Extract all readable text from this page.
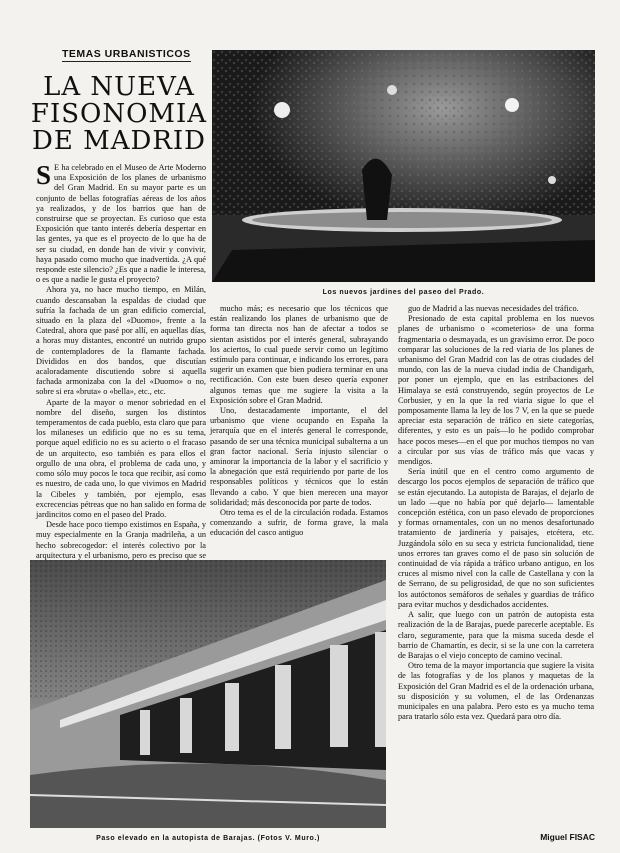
TEMAS URBANISTICOS
LA NUEVA
FISONOMIA
DE MADRID

S E ha celebrado en el Museo de Arte Moderno una Exposición de los planes de urbanismo del Gran Madrid. En su mayor parte es un conjunto de bellas fotografías aéreas de los años ya realizados, y de los barrios que han de construirse que se proyectan. Es curioso que esta Exposición que tanto interés debería despertar en las gentes, ya que es el proyecto de lo que ha de ser su ciudad, en donde han de vivir y convivir, haya pasado como mucho que inadvertida. ¿A qué responde este silencio? ¿Es que a nadie le interesa, o es que a nadie le gusta el proyecto?

Ahora ya, no hace mucho tiempo, en Milán, cuando descansaban la espaldas de ciudad que sufría la fachada de un gran edificio comercial, situado en la plaza del «Duomo», frente a la Catedral, ahora que pasé por allí, en aquellas días, a horas muy distantes, encontré un nutrido grupo de contempladores de la flamante fachada. Divididos en dos bandos, que discutían acaloradamente discutiendo sobre si aquella fachada armonizaba con la del «Duomo» o no, sobre si era «bruta» o «bella», etc., etc.

Aparte de la mayor o menor sobriedad en el nombre del diseño, surgen los distintos temperamentos de cada pueblo, esta claro que para los milaneses un edificio que no es su tema, porque aquel edificio no es su acierto o el fracaso de un arquitecto, eso también es para ellos el orgullo de una obra, el problema de cada uno, y como sólo muy pocos le toca que recibir, así como es nuestro, de cada uno, lo que vivimos en Madrid la Cibeles y también, por ejemplo, esas excrecencias pétreas que no han salido en forma de jardincitos como en el paseo del Prado.

Desde hace poco tiempo existimos en España, y muy especialmente en la Granja madrileña, a un hecho sobrecogedor: el interés colectivo por la arquitectura y el urbanismo, pero es preciso que se

Los nuevos jardines del paseo del Prado.

mucho más; es necesario que los técnicos que están realizando los planes de urbanismo que de forma tan directa nos han de afectar a todos se sientan asistidos por el interés general, subrayando los aciertos, lo cual puede servir como un legítimo estímulo para continuar, e indicando los errores, para sugerir un examen que bien pudiera terminar en una rectificación. Con este buen deseo quería exponer algunos temas que me sugiere la visita a la Exposición sobre el Gran Madrid.

Uno, destacadamente importante, el del urbanismo que viene ocupando en España la jerarquía que en el interés general le corresponde, pasando de ser una técnica municipal subalterna a un gran factor nacional. Sería injusto silenciar o aminorar la importancia de la labor y el sacrificio y la abnegación que está requiriendo por parte de los responsables políticos y técnicos que lo están llevando a cabo. Y que bien merecen una mayor solidaridad; más desconocida por parte de todos.

Otro tema es el de la circulación rodada. Estamos comenzando a sufrir, de forma grave, la mala educación del casco antiguo

guo de Madrid a las nuevas necesidades del tráfico.

Presionado de esta capital problema en los nuevos planes de urbanismo o «cometerios» de una forma fragmentaria o desmayada, es un gravísimo error. De poco comparar las soluciones de la red viaria de los planes de urbanismo del Gran Madrid con las de otras ciudades del mundo, con las de la nueva ciudad india de Chandigarh, por poner un ejemplo, que en las estribaciones del Himalaya se está construyendo, según proyectos de Le Corbusier, y en la que la red viaria sigue lo que el pomposamente llama la ley de los 7 V, en la que se puede apreciar esta separación de tráfico en siete categorías, diferentes, y esto es un país—lo he podido comprobar hace pocos meses—en el que por muchos tiempos no van a circular por sus vías de tráfico más que vacas y mendigos.

Sería inútil que en el centro como argumento de descargo los pocos ejemplos de separación de tráfico que se están ejecutando. La autopista de Barajas, el dejarlo de un lado —que no había por qué dejarlo— lamentable concepción estética, con un paso elevado de proporciones y formas ornamentales, con un no menos desafortunado tratamiento de jardinería y paisajes, etcétera, etc. Juzgándola sólo en su seca y estricta funcionalidad, tiene unos errores tan graves como el de paso sin solución de continuidad de vía rápida a tráfico urbano antiguo, en los cruces al mismo nivel con la calle de Castellana y con la de Serrano, de su peligrosidad, de que no son suficientes los autóctonos semáforos de señales y guardias de tráfico para evitar muchos y desdichados accidentes.

A salir, que luego con un patrón de autopista esta realización de la de Barajas, puede parecerle aceptable. Es claro, seguramente, para que la misma suceda desde el barrio de Chamartín, es decir, si se la une con la carretera de Barajas o el viejo concepto de camino vecinal.

Otro tema de la mayor importancia que sugiere la visita de las fotografías y de los planos y maquetas de la Exposición del Gran Madrid es el de la ordenación urbana, su disposición y su volumen, el de las Ordenanzas municipales en una palabra. Pero esto es ya mucho tema para tratarlo sólo esta vez. Quedará para otro día.

Paso elevado en la autopista de Barajas. (Fotos V. Muro.)	Miguel FISAC
